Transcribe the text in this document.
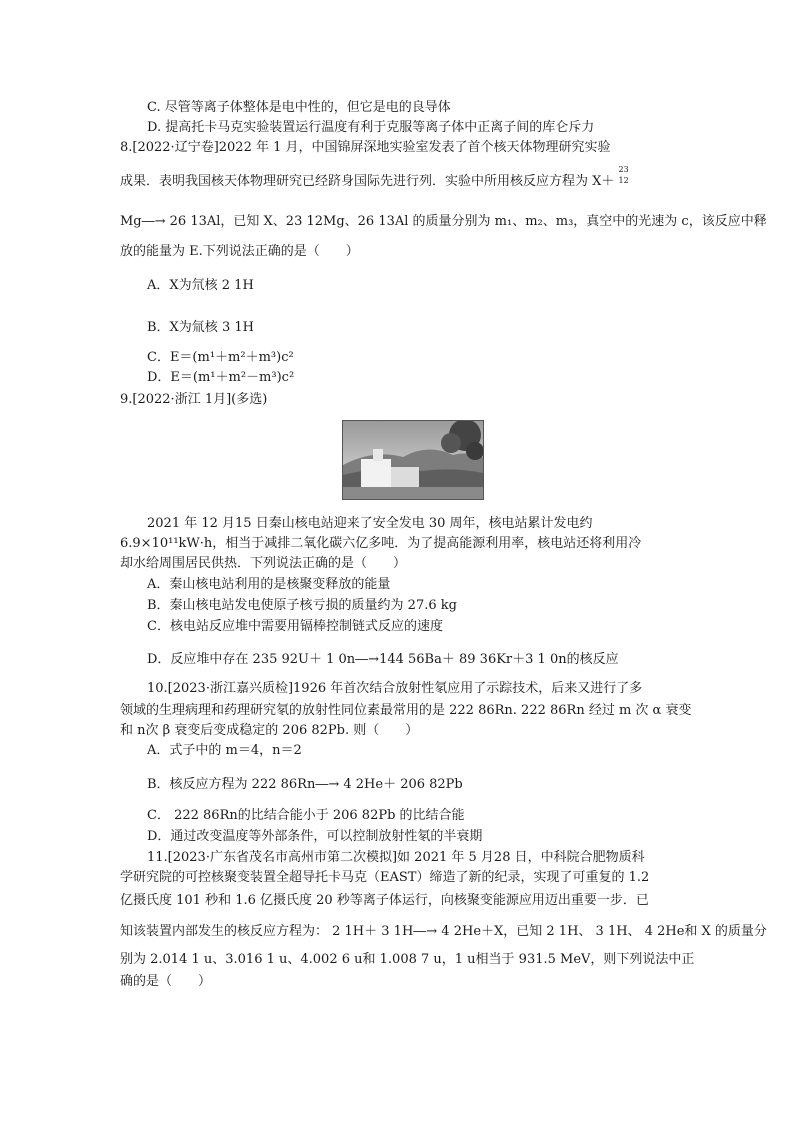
C. 尽管等离子体整体是电中性的，但它是电的良导体
D. 提高托卡马克实验装置运行温度有利于克服等离子体中正离子间的库仑斥力
8.[2022·辽宁卷]2022 年 1 月，中国锦屏深地实验室发表了首个核天体物理研究实验
成果．表明我国核天体物理研究已经跻身国际先进行列．实验中所用核反应方程为 X＋
$^{23}$
$_{12}$
Mg―→ 26 13Al，已知 X、23 12Mg、26 13Al 的质量分别为 m₁、m₂、m₃，真空中的光速为 c，该反应中释
放的能量为 E.下列说法正确的是（　　）
A．X为氘核 2 1H
B．X为氚核 3 1H
C．E＝(m¹＋m²＋m³)c²
D．E＝(m¹＋m²－m³)c²
9.[2022·浙江 1月](多选)
2021 年 12 月15 日秦山核电站迎来了安全发电 30 周年，核电站累计发电约
6.9×10¹¹kW·h，相当于减排二氧化碳六亿多吨．为了提高能源利用率，核电站还将利用冷
却水给周围居民供热．下列说法正确的是（　　）
A．秦山核电站利用的是核聚变释放的能量
B．秦山核电站发电使原子核亏损的质量约为 27.6 kg
C．核电站反应堆中需要用镉棒控制链式反应的速度
D．反应堆中存在 235 92U＋ 1 0n―→144 56Ba＋ 89 36Kr＋3 1 0n的核反应
10.[2023·浙江嘉兴质检]1926 年首次结合放射性氡应用了示踪技术，后来又进行了多
领域的生理病理和药理研究氡的放射性同位素最常用的是 222 86Rn. 222 86Rn 经过 m 次 α 衰变
和 n次 β 衰变后变成稳定的 206 82Pb. 则（　　）
A．式子中的 m＝4，n＝2
B．核反应方程为 222 86Rn―→ 4 2He＋ 206 82Pb
C． 222 86Rn的比结合能小于 206 82Pb 的比结合能
D．通过改变温度等外部条件，可以控制放射性氡的半衰期
11.[2023·广东省茂名市高州市第二次模拟]如 2021 年 5 月28 日，中科院合肥物质科
学研究院的可控核聚变装置全超导托卡马克（EAST）缔造了新的纪录，实现了可重复的 1.2
亿摄氏度 101 秒和 1.6 亿摄氏度 20 秒等离子体运行，向核聚变能源应用迈出重要一步．已
知该装置内部发生的核反应方程为： 2 1H＋ 3 1H―→ 4 2He＋X，已知 2 1H、 3 1H、 4 2He和 X 的质量分
别为 2.014 1 u、3.016 1 u、4.002 6 u和 1.008 7 u，1 u相当于 931.5 MeV，则下列说法中正
确的是（　　）
